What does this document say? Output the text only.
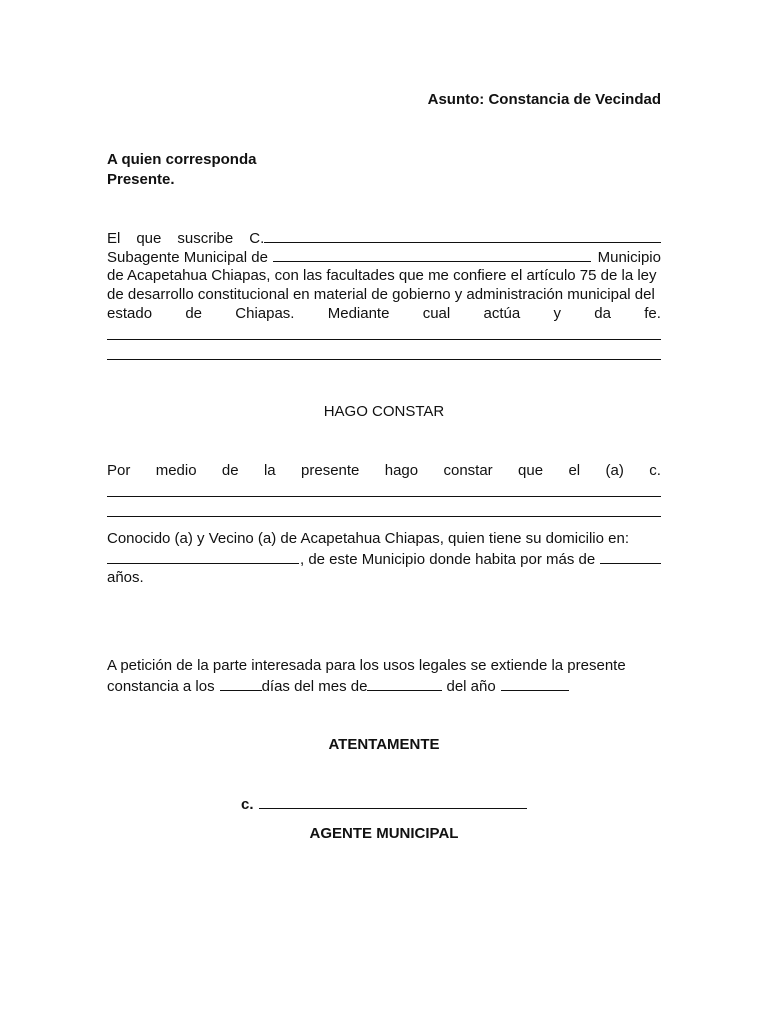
Asunto: Constancia de Vecindad
A quien corresponda
Presente.
El que suscribe C.
Subagente Municipal de	Municipio
de Acapetahua Chiapas, con las facultades que me confiere el artículo 75 de la ley
de desarrollo constitucional en material de gobierno y administración municipal del
estado de Chiapas. Mediante cual actúa y da fe.
HAGO CONSTAR
Por medio de la presente hago constar que el (a) c.
Conocido (a) y Vecino (a) de Acapetahua Chiapas, quien tiene su domicilio en:
, de este Municipio donde habita por más de
años.
A petición de la parte interesada para los usos legales se extiende la presente
constancia a los	días del mes de	del año
ATENTAMENTE
c.
AGENTE MUNICIPAL
